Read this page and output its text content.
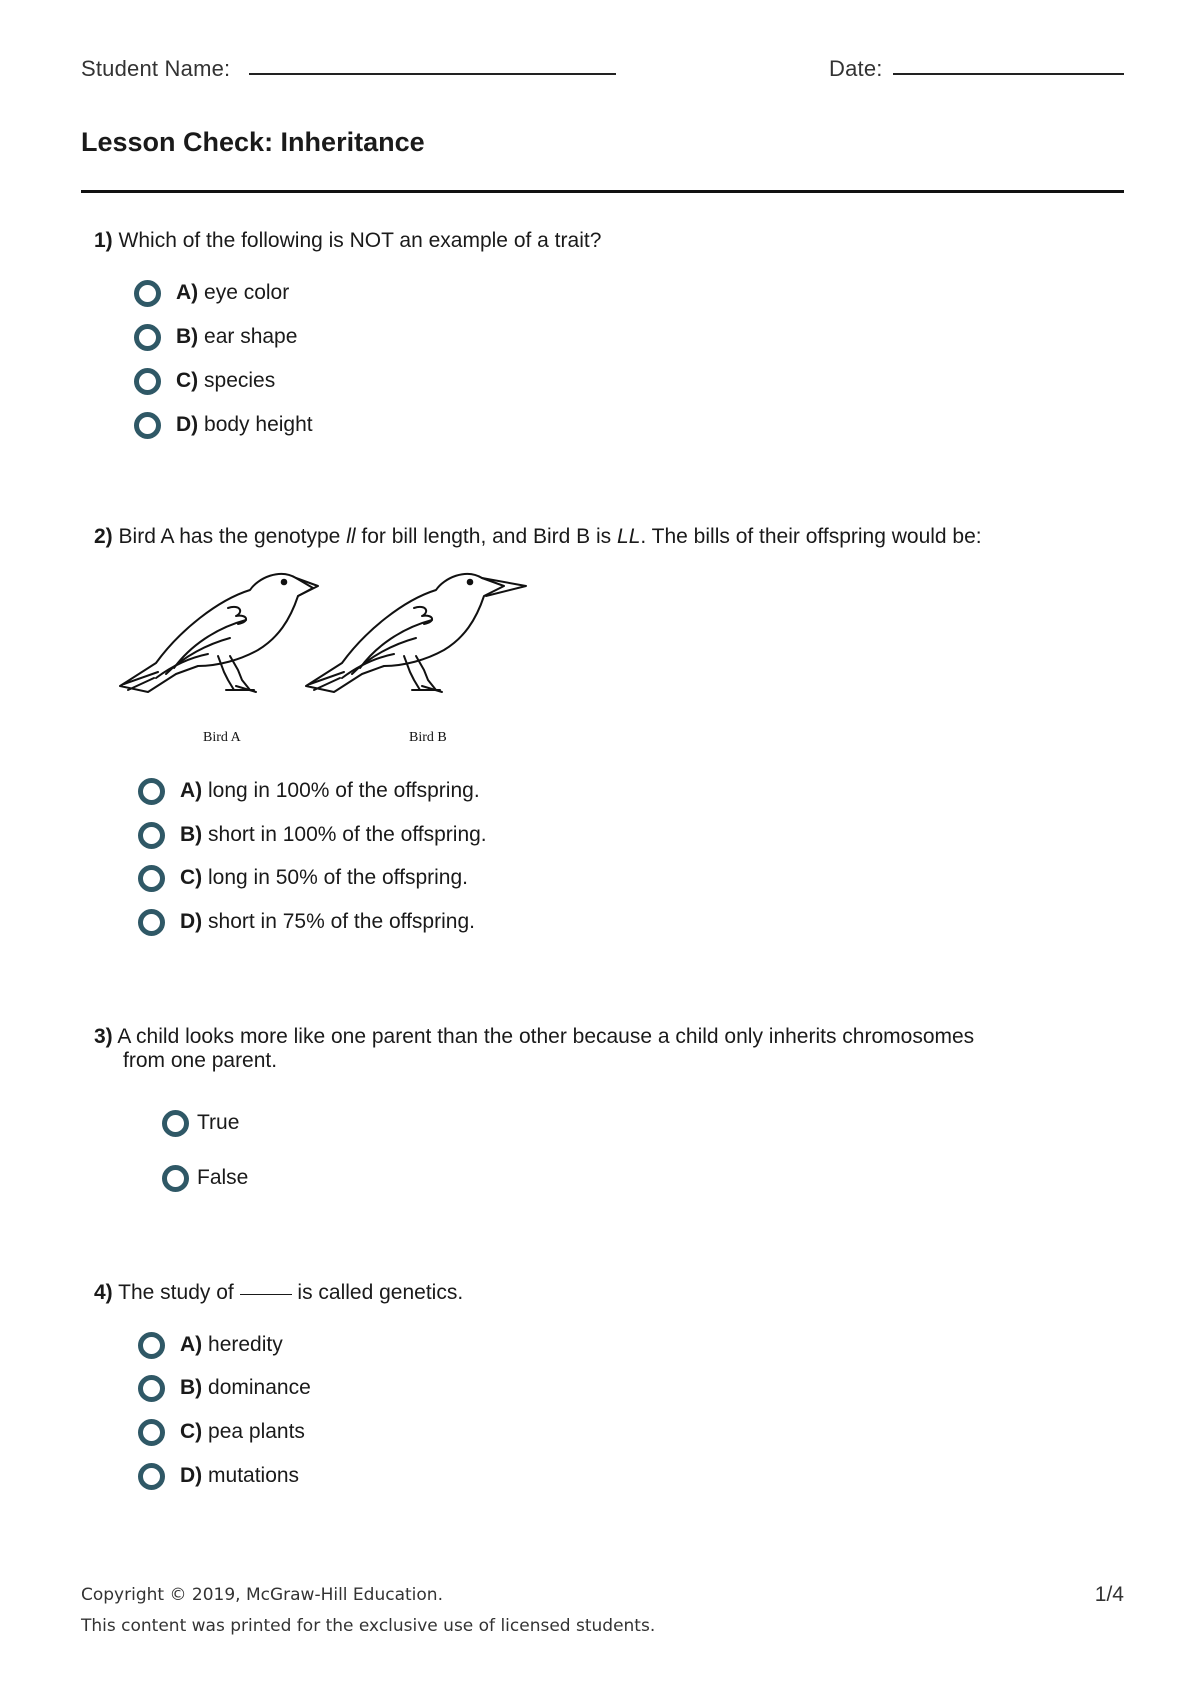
Student Name:	Date:
Lesson Check: Inheritance
1) Which of the following is NOT an example of a trait?
A) eye color
B) ear shape
C) species
D) body height
2) Bird A has the genotype ll for bill length, and Bird B is LL. The bills of their offspring would be:
Bird A	Bird B
A) long in 100% of the offspring.
B) short in 100% of the offspring.
C) long in 50% of the offspring.
D) short in 75% of the offspring.
3) A child looks more like one parent than the other because a child only inherits chromosomes
from one parent.
True
False
4) The study of	is called genetics.
A) heredity
B) dominance
C) pea plants
D) mutations
Copyright © 2019, McGraw-Hill Education.
This content was printed for the exclusive use of licensed students.
1/4
